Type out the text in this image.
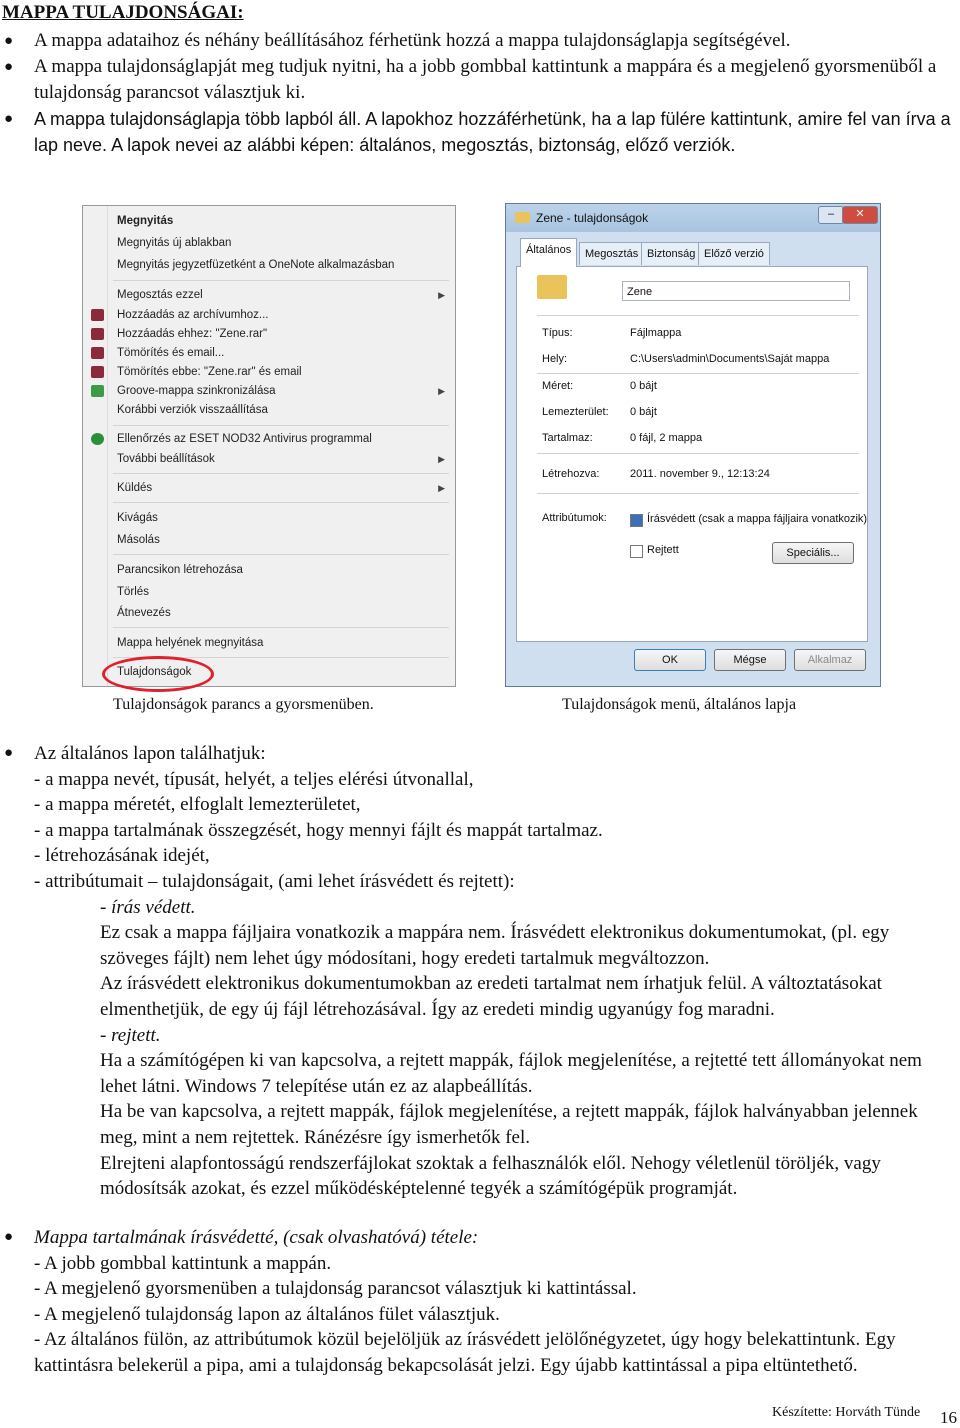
MAPPA TULAJDONSÁGAI:
● A mappa adataihoz és néhány beállításához férhetünk hozzá a mappa tulajdonságlapja segítségével.
● A mappa tulajdonságlapját meg tudjuk nyitni, ha a jobb gombbal kattintunk a mappára és a megjelenő gyorsmenüből a tulajdonság parancsot választjuk ki.
● A mappa tulajdonságlapja több lapból áll. A lapokhoz hozzáférhetünk, ha a lap fülére kattintunk, amire fel van írva a lap neve. A lapok nevei az alábbi képen: általános, megosztás, biztonság, előző verziók.
Megnyitás
Megnyitás új ablakban
Megnyitás jegyzetfüzetként a OneNote alkalmazásban
Megosztás ezzel	▶
Hozzáadás az archívumhoz...
Hozzáadás ehhez: "Zene.rar"
Tömörítés és email...
Tömörítés ebbe: "Zene.rar" és email
Groove-mappa szinkronizálása	▶
Korábbi verziók visszaállítása
Ellenőrzés az ESET NOD32 Antivirus programmal
További beállítások	▶
Küldés	▶
Kivágás
Másolás
Parancsikon létrehozása
Törlés
Átnevezés
Mappa helyének megnyitása
Tulajdonságok
Zene - tulajdonságok	–	✕
Zene
Típus:	Fájlmappa
Hely:	C:\Users\admin\Documents\Saját mappa
Méret:	0 bájt
Lemezterület: 0 bájt
Tartalmaz:	0 fájl, 2 mappa
Létrehozva:	2011. november 9., 12:13:24
Attribútumok:	Írásvédett (csak a mappa fájljaira vonatkozik)
Rejtett	Speciális...
Általános	Megosztás Biztonság Előző verzió
OK	Mégse	Alkalmaz
Tulajdonságok parancs a gyorsmenüben.	Tulajdonságok menü, általános lapja
● Az általános lapon találhatjuk:
- a mappa nevét, típusát, helyét, a teljes elérési útvonallal,
- a mappa méretét, elfoglalt lemezterületet,
- a mappa tartalmának összegzését, hogy mennyi fájlt és mappát tartalmaz.
- létrehozásának idejét,
- attribútumait – tulajdonságait, (ami lehet írásvédett és rejtett):
- írás védett.
Ez csak a mappa fájljaira vonatkozik a mappára nem. Írásvédett elektronikus dokumentumokat, (pl. egy szöveges fájlt) nem lehet úgy módosítani, hogy eredeti tartalmuk megváltozzon.
Az írásvédett elektronikus dokumentumokban az eredeti tartalmat nem írhatjuk felül. A változtatásokat elmenthetjük, de egy új fájl létrehozásával. Így az eredeti mindig ugyanúgy fog maradni.
- rejtett.
Ha a számítógépen ki van kapcsolva, a rejtett mappák, fájlok megjelenítése, a rejtetté tett állományokat nem lehet látni. Windows 7 telepítése után ez az alapbeállítás.
Ha be van kapcsolva, a rejtett mappák, fájlok megjelenítése, a rejtett mappák, fájlok halványabban jelennek meg, mint a nem rejtettek. Ránézésre így ismerhetők fel.
Elrejteni alapfontosságú rendszerfájlokat szoktak a felhasználók elől. Nehogy véletlenül töröljék, vagy módosítsák azokat, és ezzel működésképtelenné tegyék a számítógépük programját.
● Mappa tartalmának írásvédetté, (csak olvashatóvá) tétele:
- A jobb gombbal kattintunk a mappán.
- A megjelenő gyorsmenüben a tulajdonság parancsot választjuk ki kattintással.
- A megjelenő tulajdonság lapon az általános fület választjuk.
- Az általános fülön, az attribútumok közül bejelöljük az írásvédett jelölőnégyzetet, úgy hogy belekattintunk. Egy kattintásra belekerül a pipa, ami a tulajdonság bekapcsolását jelzi. Egy újabb kattintással a pipa eltüntethető.
Készítette: Horváth Tünde 16
